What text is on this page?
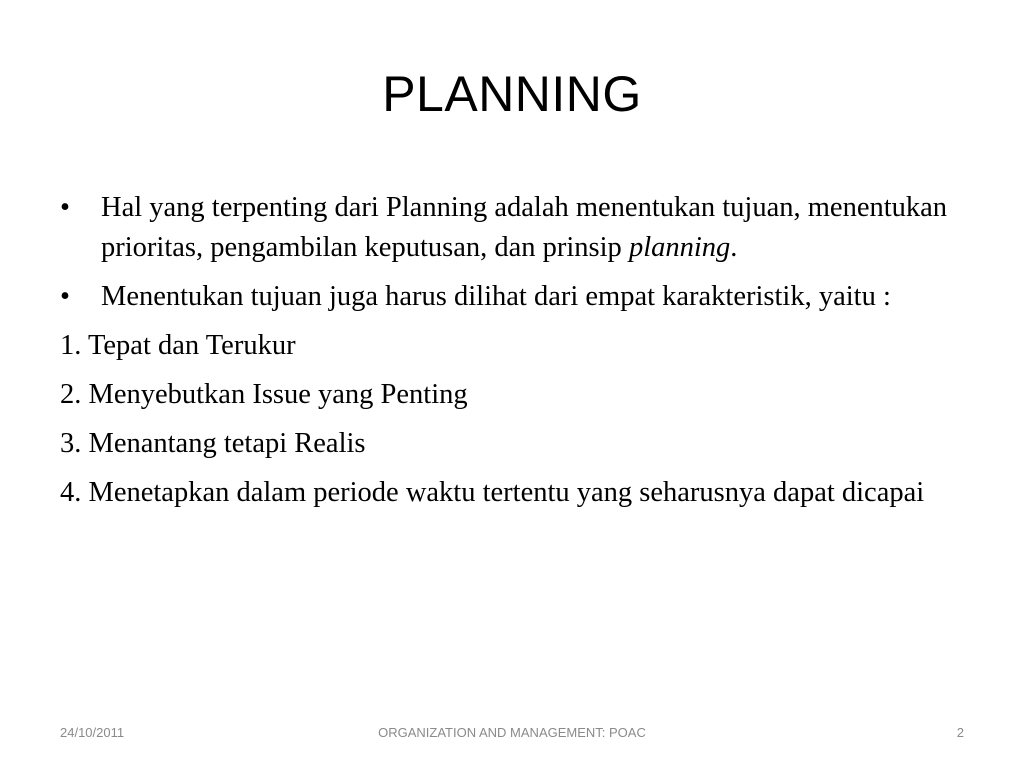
PLANNING

• Hal yang terpenting dari Planning adalah menentukan tujuan, menentukan prioritas, pengambilan keputusan, dan prinsip planning.

• Menentukan tujuan juga harus dilihat dari empat karakteristik, yaitu :

1. Tepat dan Terukur

2. Menyebutkan Issue yang Penting

3. Menantang tetapi Realis

4. Menetapkan dalam periode waktu tertentu yang seharusnya dapat dicapai

24/10/2011	ORGANIZATION AND MANAGEMENT: POAC	2
